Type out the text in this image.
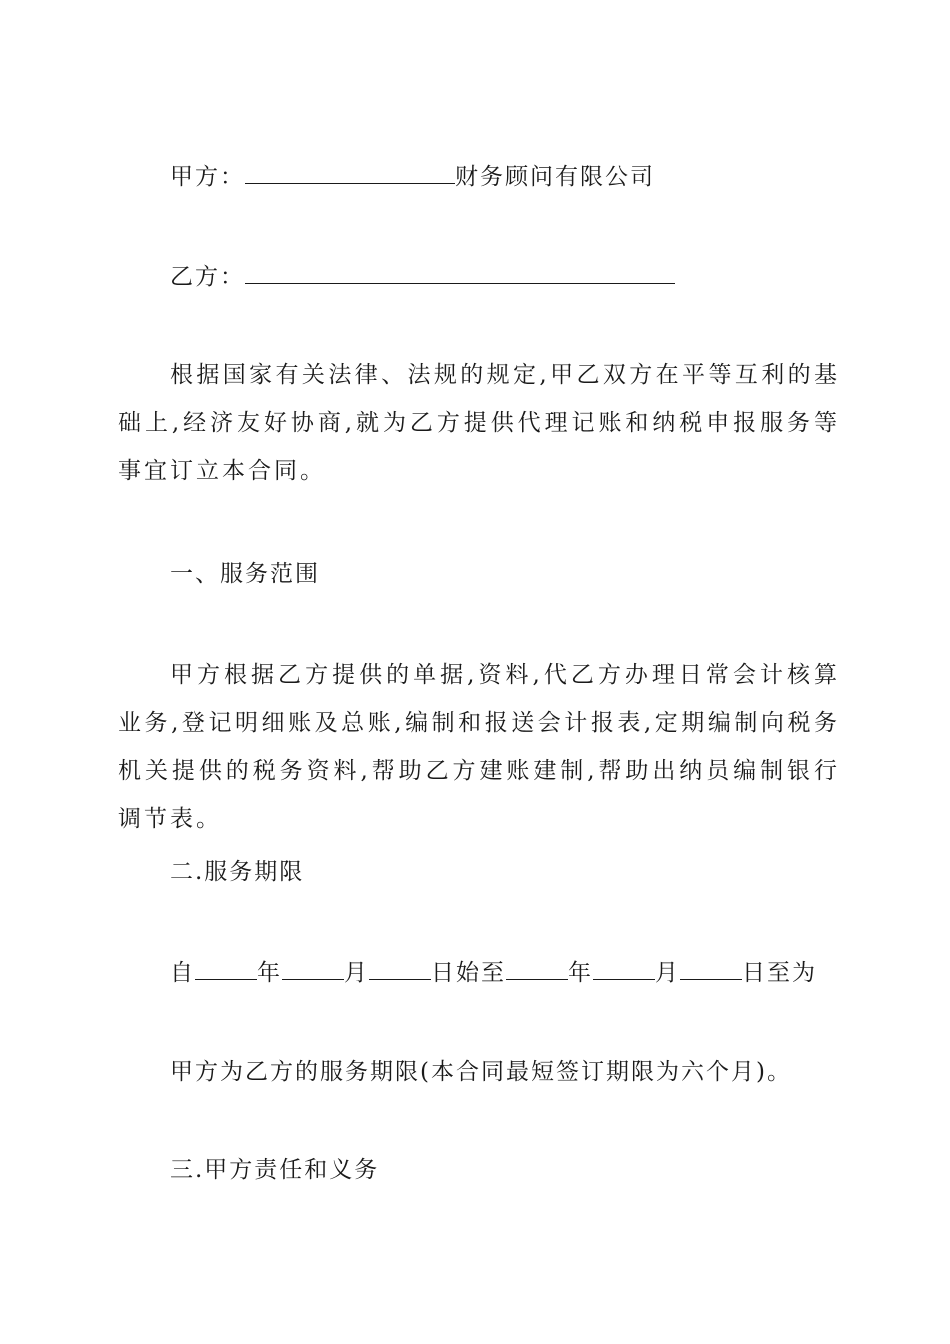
甲方：	财务顾问有限公司
乙方：
根据国家有关法律、法规的规定,甲乙双方在平等互利的基础上,经济友好协商,就为乙方提供代理记账和纳税申报服务等事宜订立本合同。
一、服务范围
甲方根据乙方提供的单据,资料,代乙方办理日常会计核算业务,登记明细账及总账,编制和报送会计报表,定期编制向税务机关提供的税务资料,帮助乙方建账建制,帮助出纳员编制银行调节表。
二.服务期限
自	年	月	日始至	年	月	日至为
甲方为乙方的服务期限(本合同最短签订期限为六个月)。
三.甲方责任和义务
